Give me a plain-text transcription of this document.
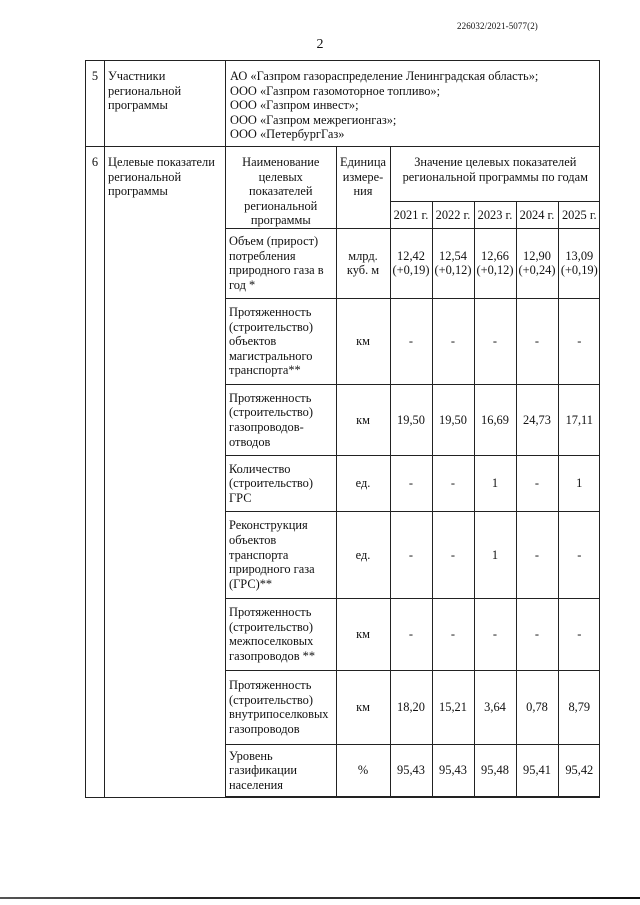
226032/2021-5077(2)
2
5	Участники региональной программы	
АО «Газпром газораспределение Ленинградская область»;
ООО «Газпром газомоторное топливо»;
ООО «Газпром инвест»;
ООО «Газпром межрегионгаз»;
ООО «ПетербургГаз»

6	Целевые показатели региональной программы	
Наименование целевых показателей региональной программы	Единица измере-ния	Значение целевых показателей региональной программы по годам
2021 г.	2022 г.	2023 г.	2024 г.	2025 г.
Объем (прирост) потребления природного газа в год *	млрд. куб. м	12,42 (+0,19)	12,54 (+0,12)	12,66 (+0,12)	12,90 (+0,24)	13,09 (+0,19)
Протяженность (строительство) объектов магистрального транспорта**	км	-	-	-	-	-
Протяженность (строительство) газопроводов-отводов	км	19,50	19,50	16,69	24,73	17,11
Количество (строительство) ГРС	ед.	-	-	1	-	1
Реконструкция объектов транспорта природного газа (ГРС)**	ед.	-	-	1	-	-
Протяженность (строительство) межпоселковых газопроводов **	км	-	-	-	-	-
Протяженность (строительство) внутрипоселковых газопроводов	км	18,20	15,21	3,64	0,78	8,79
Уровень газификации населения	%	95,43	95,43	95,48	95,41	95,42
